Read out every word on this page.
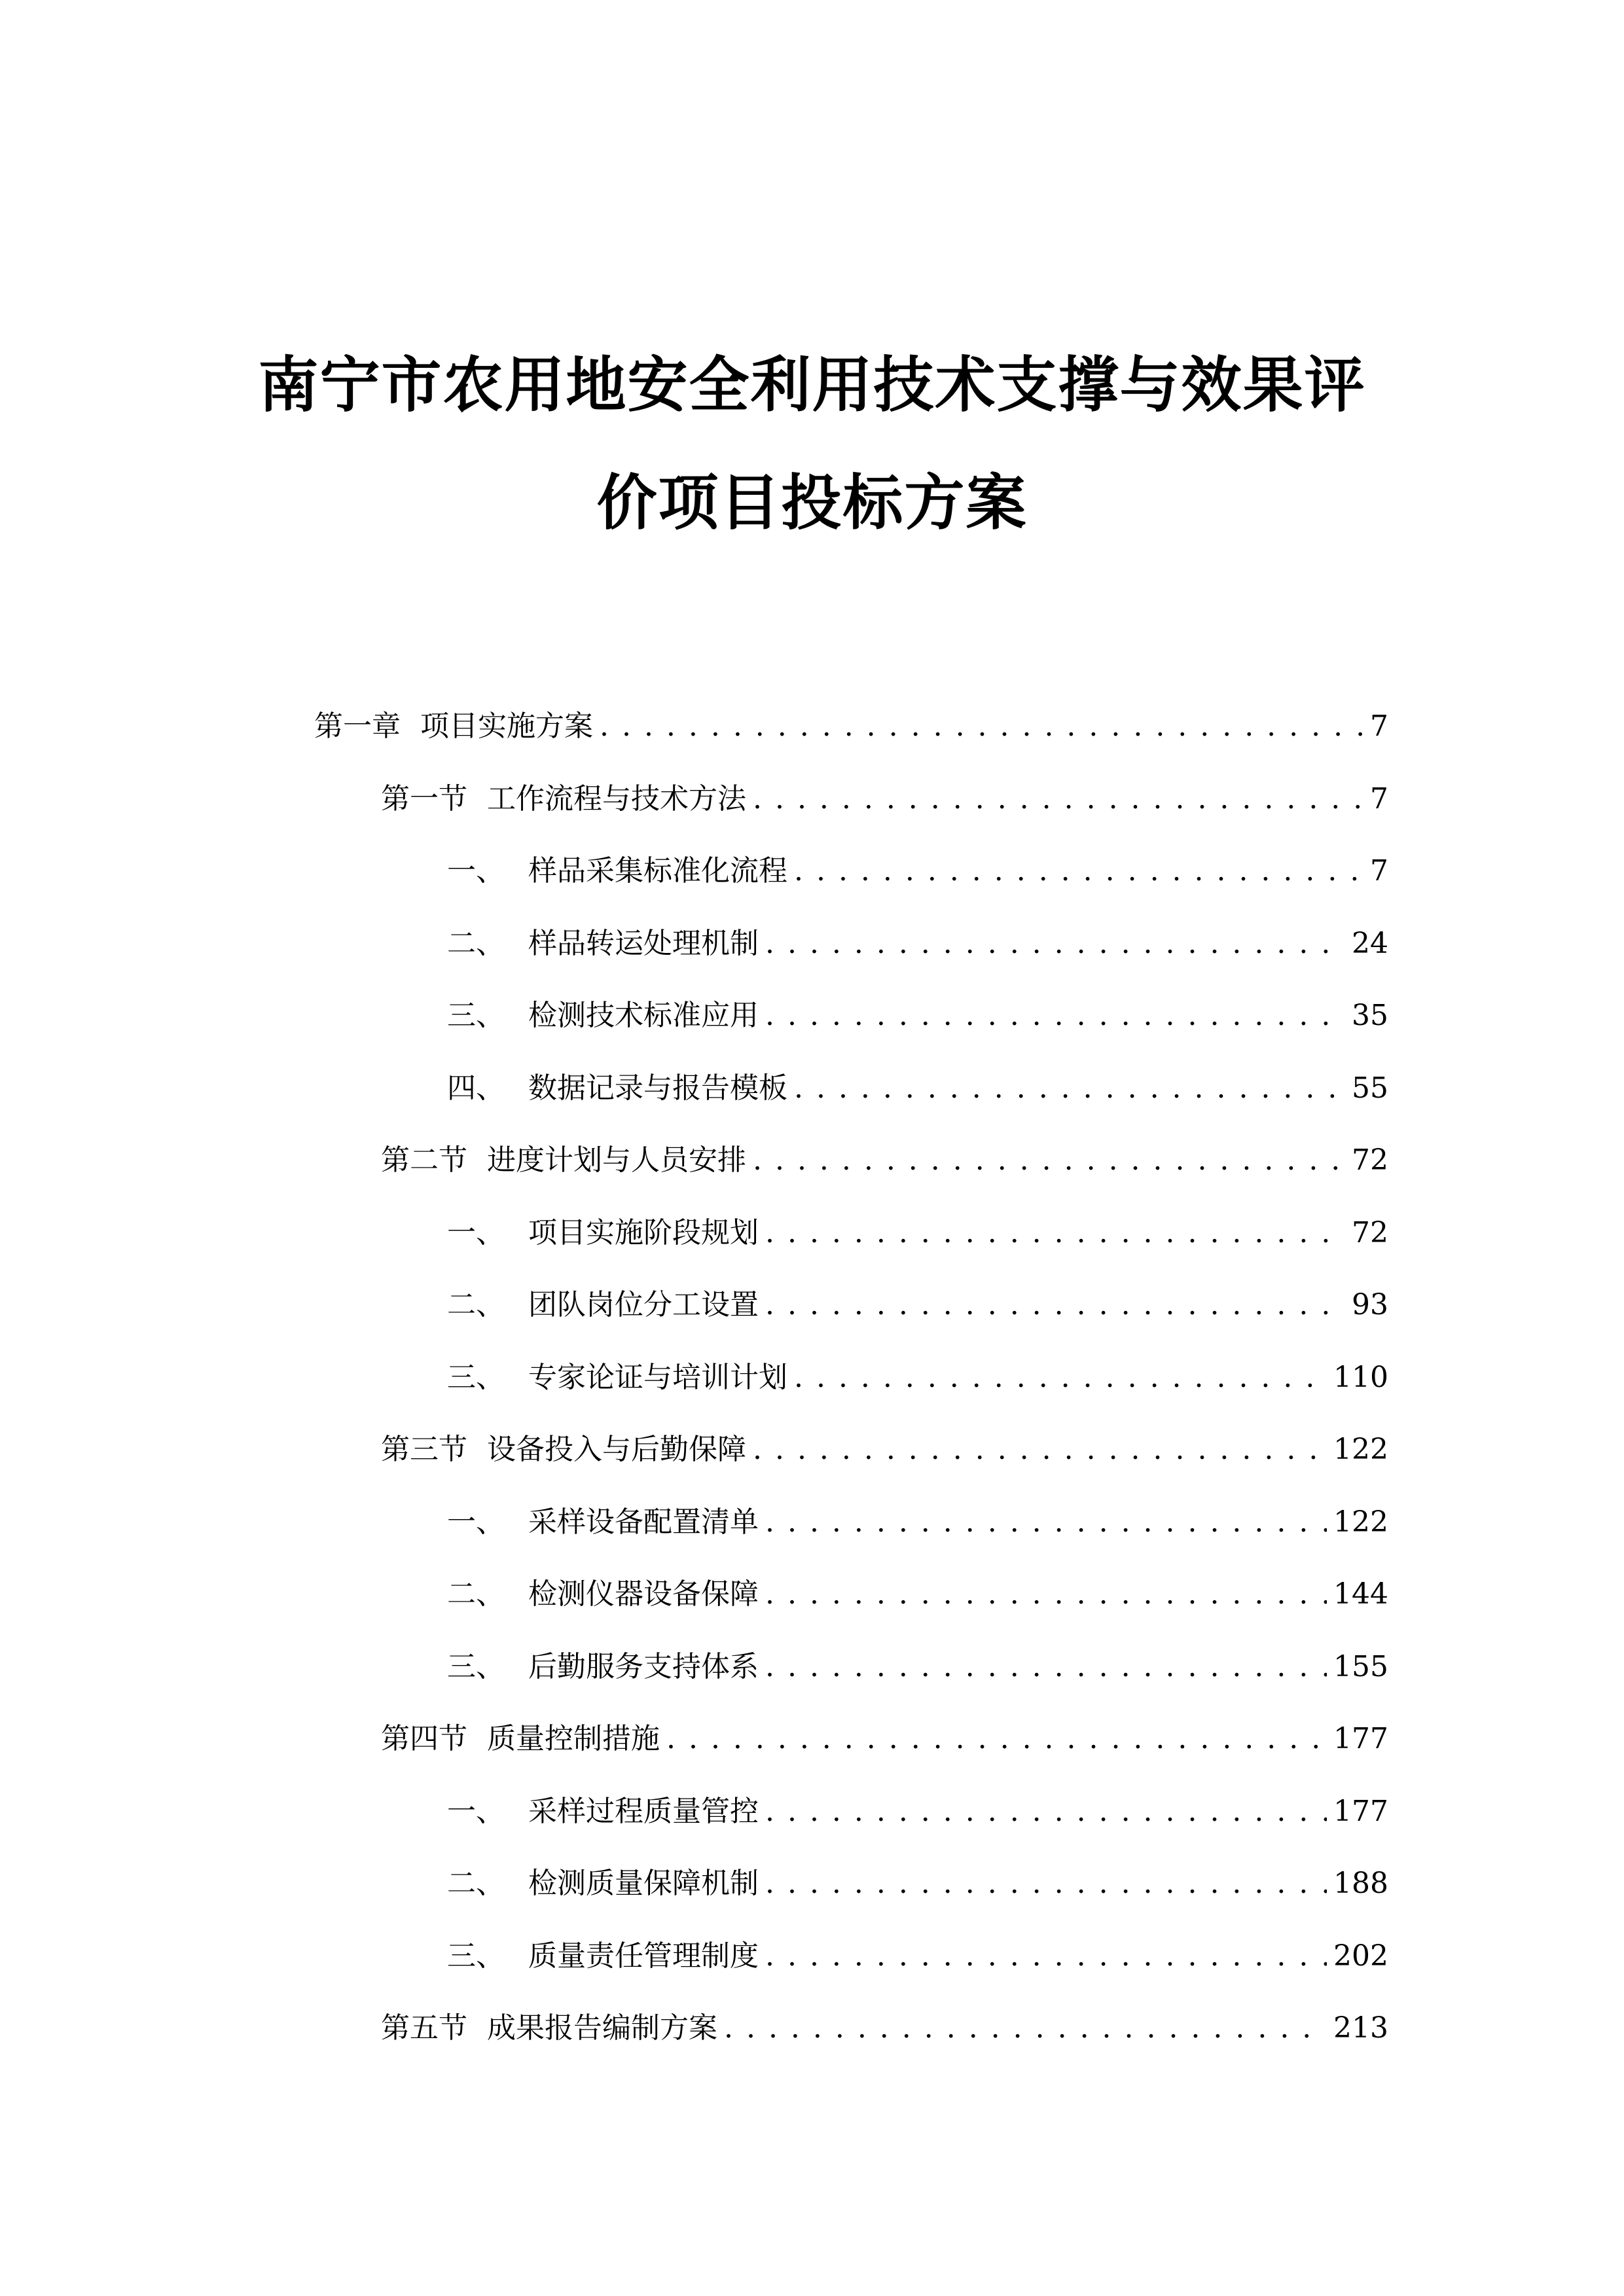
南宁市农用地安全利用技术支撑与效果评
价项目投标方案
第一章 项目实施方案 . . .	7
第一节 工作流程与技术方法 . . .	7
一、 样品采集标准化流程 . . .	7
二、 样品转运处理机制 . . .	24
三、 检测技术标准应用 . . .	35
四、 数据记录与报告模板 . . .	55
第二节 进度计划与人员安排 . . .	72
一、 项目实施阶段规划 . . .	72
二、 团队岗位分工设置 . . .	93
三、 专家论证与培训计划 . . .	110
第三节 设备投入与后勤保障 . . .	122
一、 采样设备配置清单 . . .	122
二、 检测仪器设备保障 . . .	144
三、 后勤服务支持体系 . . .	155
第四节 质量控制措施 . . .	177
一、 采样过程质量管控 . . .	177
二、 检测质量保障机制 . . .	188
三、 质量责任管理制度 . . .	202
第五节 成果报告编制方案 . . .	213
